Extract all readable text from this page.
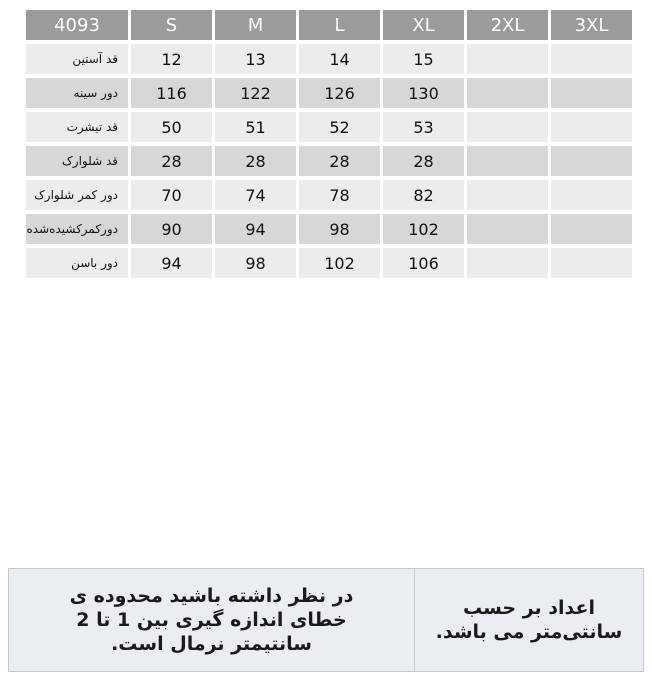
4093	S	M	L	XL	2XL	3XL

قد آستین	12	13	14	15		

دور سینه	116	122	126	130		

قد تیشرت	50	51	52	53		

قد شلوارک	28	28	28	28		

دور کمر شلوارک	70	74	78	82		

دورکمرکشیده‌شده	90	94	98	102		

دور باسن	94	98	102	106		
در نظر داشته باشید محدوده ی خطای اندازه گیری بین 1 تا 2 سانتیمتر نرمال است.
اعداد بر حسب سانتی‌متر می باشد.
